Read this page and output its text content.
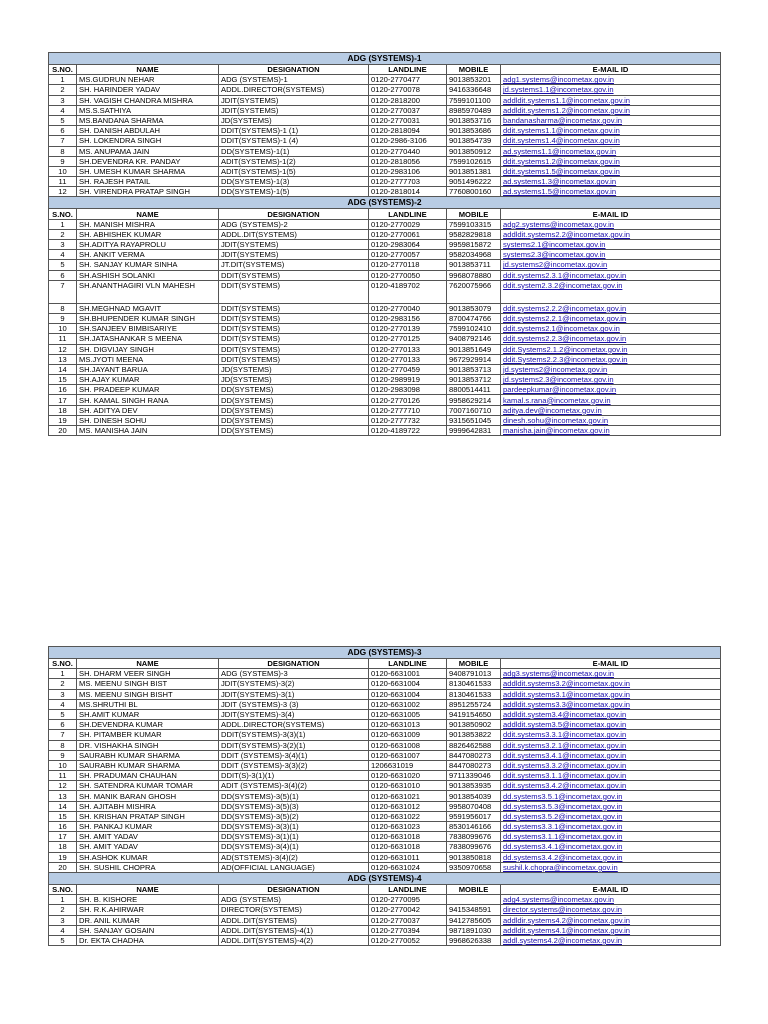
ADG (SYSTEMS)-1					
S.NO.	NAME	DESIGNATION	LANDLINE	MOBILE	E-MAIL ID
1	MS.GUDRUN NEHAR	ADG (SYSTEMS)-1	0120-2770477	9013853201	adg1.systems@incometax.gov.in
2	SH. HARINDER YADAV	ADDL.DIRECTOR(SYSTEMS)	0120-2770078	9416336648	jd.systems1.1@incometax.gov.in
3	SH. VAGISH CHANDRA MISHRA	JDIT(SYSTEMS)	0120-2818200	7599101100	addldit.systems1.1@incometax.gov.in
4	MS.S.SATHIYA	JDIT(SYSTEMS)	0120-2770037	8985970489	addldit.systems1.2@incometax.gov.in
5	MS.BANDANA SHARMA	JD(SYSTEMS)	0120-2770031	9013853716	bandanasharma@incometax.gov.in
6	SH. DANISH ABDULAH	DDIT(SYSTEMS)-1 (1)	0120-2818094	9013853686	ddit.systems1.1@incometax.gov.in
7	SH. LOKENDRA SINGH	DDIT(SYSTEMS)-1 (4)	0120-2986-3106	9013854739	ddit.systems1.4@incometax.gov.in
8	MS. ANUPAMA JAIN	DD(SYSTEMS)-1(1)	0120-2770440	9013850912	ad.systems1.1@incometax.gov.in
9	SH.DEVENDRA KR. PANDAY	ADIT(SYSTEMS)-1(2)	0120-2818056	7599102615	ddit.systems1.2@incometax.gov.in
10	SH. UMESH KUMAR SHARMA	ADIT(SYSTEMS)-1(5)	0120-2983106	9013851381	ddit.systems1.5@incometax.gov.in
11	SH. RAJESH PATAIL	DD(SYSTEMS)-1(3)	0120-2777703	9051496222	ad.systems1.3@incometax.gov.in
12	SH. VIRENDRA PRATAP SINGH	DD(SYSTEMS)-1(5)	0120-2818014	7760800160	ad.systems1.5@incometax.gov.in
ADG (SYSTEMS)-2					
S.NO.	NAME	DESIGNATION	LANDLINE	MOBILE	E-MAIL ID
1	SH. MANISH MISHRA	ADG (SYSTEMS)-2	0120-2770029	7599103315	adg2.systems@incometax.gov.in
2	SH. ABHISHEK KUMAR	ADDL.DIT(SYSTEMS)	0120-2770061	9582829818	addldit.systems2.2@incometax.gov.in
3	SH.ADITYA RAYAPROLU	JDIT(SYSTEMS)	0120-2983064	9959815872	systems2.1@incometax.gov.in
4	SH. ANKIT VERMA	JDIT(SYSTEMS)	0120-2770057	9582034968	systems2.3@incometax.gov.in
5	SH. SANJAY KUMAR SINHA	JT.DIT(SYSTEMS)	0120-2770118	9013853711	jd.systems2@incometax.gov.in
6	SH.ASHISH SOLANKI	DDIT(SYSTEMS)	0120-2770050	9968078880	ddit.systems2.3.1@incometax.gov.in
7	SH.ANANTHAGIRI VLN MAHESH	DDIT(SYSTEMS)	0120-4189702	7620075966	ddit.system2.3.2@incometax.gov.in
8	SH.MEGHNAD MGAVIT	DDIT(SYSTEMS)	0120-2770040	9013853079	ddit.systems2.2.2@incometax.gov.in
9	SH.BHUPENDER KUMAR SINGH	DDIT(SYSTEMS)	0120-2983156	8700474766	ddit.systems2.2.1@incometax.gov.in
10	SH.SANJEEV BIMBISARIYE	DDIT(SYSTEMS)	0120-2770139	7599102410	ddit.systems2.1@incometax.gov.in
11	SH.JATASHANKAR S MEENA	DDIT(SYSTEMS)	0120-2770125	9408792146	ddit.systems2.2.3@incometax.gov.in
12	SH. DIGVIJAY SINGH	DDIT(SYSTEMS)	0120-2770133	9013851649	ddit.Systems2.1.2@incometax.gov.in
13	MS.JYOTI MEENA	DDIT(SYSTEMS)	0120-2770133	9672929914	ddit.Systems2.2.3@incometax.gov.in
14	SH.JAYANT BARUA	JD(SYSTEMS)	0120-2770459	9013853713	jd.systems2@incometax.gov.in
15	SH.AJAY KUMAR	JD(SYSTEMS)	0120-2989919	9013853712	jd.systems2.3@incometax.gov.in
16	SH. PRADEEP KUMAR	DD(SYSTEMS)	0120-2983098	8800514411	pardeepkumar@incometax.gov.in
17	SH. KAMAL SINGH RANA	DD(SYSTEMS)	0120-2770126	9958629214	kamal.s.rana@incometax.gov.in
18	SH. ADITYA DEV	DD(SYSTEMS)	0120-2777710	7007160710	aditya.dev@incometax.gov.in
19	SH. DINESH SOHU	DD(SYSTEMS)	0120-2777732	9315651045	dinesh.sohu@incometax.gov.in
20	MS. MANISHA JAIN	DD(SYSTEMS)	0120-4189722	9999642831	manisha.jain@incometax.gov.in
ADG (SYSTEMS)-3					
S.NO.	NAME	DESIGNATION	LANDLINE	MOBILE	E-MAIL ID
1	SH. DHARM VEER SINGH	ADG (SYSTEMS)-3	0120-6631001	9408791013	adg3.systems@incometax.gov.in
2	MS. MEENU SINGH BIST	JDIT(SYSTEMS)-3(2)	0120-6631004	8130461533	addldit.systems3.2@incometax.gov.in
3	MS. MEENU SINGH BISHT	JDIT(SYSTEMS)-3(1)	0120-6631004	8130461533	addldit.systems3.1@incometax.gov.in
4	MS.SHRUTHI BL	JDIT (SYSTEMS)-3 (3)	0120-6631002	8951255724	addldit.systems3.3@incometax.gov.in
5	SH.AMIT KUMAR	JDIT(SYSTEMS)-3(4)	0120-6631005	9419154650	addldit.system3.4@incometax.gov.in
6	SH.DEVENDRA KUMAR	ADDL.DIRECTOR(SYSTEMS)	0120-6631013	9013850902	addldit.system3.5@incometax.gov.in
7	SH. PITAMBER KUMAR	DDIT(SYSTEMS)-3(3)(1)	0120-6631009	9013853822	ddit.systems3.3.1@incometax.gov.in
8	DR. VISHAKHA SINGH	DDIT(SYSTEMS)-3(2)(1)	0120-6631008	8826462588	ddit.systems3.2.1@incometax.gov.in
9	SAURABH KUMAR SHARMA	DDIT (SYSTEMS)-3(4)(1)	0120-6631007	8447080273	ddit.systems3.4.1@incometax.gov.in
10	SAURABH KUMAR SHARMA	DDIT (SYSTEMS)-3(3)(2)	1206631019	8447080273	ddit.systems3.3.2@incometax.gov.in
11	SH. PRADUMAN CHAUHAN	DDIT(S)-3(1)(1)	0120-6631020	9711339046	ddit.systems3.1.1@incometax.gov.in
12	SH. SATENDRA KUMAR TOMAR	ADIT (SYSTEMS)-3(4)(2)	0120-6631010	9013853935	ddit.systems3.4.2@incometax.gov.in
13	SH. MANIK BARAN GHOSH	DD(SYSTEMS)-3(5)(1)	0120-6631021	9013854039	dd.systems3.5.1@incometax.gov.in
14	SH. AJITABH MISHRA	DD(SYSTEMS)-3(5)(3)	0120-6631012	9958070408	dd.systems3.5.3@incometax.gov.in
15	SH. KRISHAN PRATAP SINGH	DD(SYSTEMS)-3(5)(2)	0120-6631022	9591956017	dd.systems3.5.2@incometax.gov.in
16	SH. PANKAJ KUMAR	DD(SYSTEMS)-3(3)(1)	0120-6631023	8530146166	dd.systems3.3.1@incometax.gov.in
17	SH. AMIT YADAV	DD(SYSTEMS)-3(1)(1)	0120-6631018	7838099676	dd.systems3.1.1@incometax.gov.in
18	SH. AMIT YADAV	DD(SYSTEMS)-3(4)(1)	0120-6631018	7838099676	dd.systems3.4.1@incometax.gov.in
19	SH.ASHOK KUMAR	AD(STSTEMS)-3(4)(2)	0120-6631011	9013850818	dd.systems3.4.2@incometax.gov.in
20	SH. SUSHIL CHOPRA	AD(OFFICIAL LANGUAGE)	0120-6631024	9350970658	sushil.k.chopra@incometax.gov.in
ADG (SYSTEMS)-4					
S.NO.	NAME	DESIGNATION	LANDLINE	MOBILE	E-MAIL ID
1	SH. B. KISHORE	ADG (SYSTEMS)	0120-2770095		adg4.systems@incometax.gov.in
2	SH. R.K.AHIRWAR	DIRECTOR(SYSTEMS)	0120-2770042	9415348591	director.systems@incometax.gov.in
3	DR. ANIL KUMAR	ADDL.DIT(SYSTEMS)	0120-2770037	9412785605	addldir.systems4.2@incometax.gov.in
4	SH. SANJAY GOSAIN	ADDL.DIT(SYSTEMS)-4(1)	0120-2770394	9871891030	addldit.systems4.1@incometax.gov.in
5	Dr. EKTA CHADHA	ADDL.DIT(SYSTEMS)-4(2)	0120-2770052	9968626338	addl.systems4.2@incometax.gov.in
